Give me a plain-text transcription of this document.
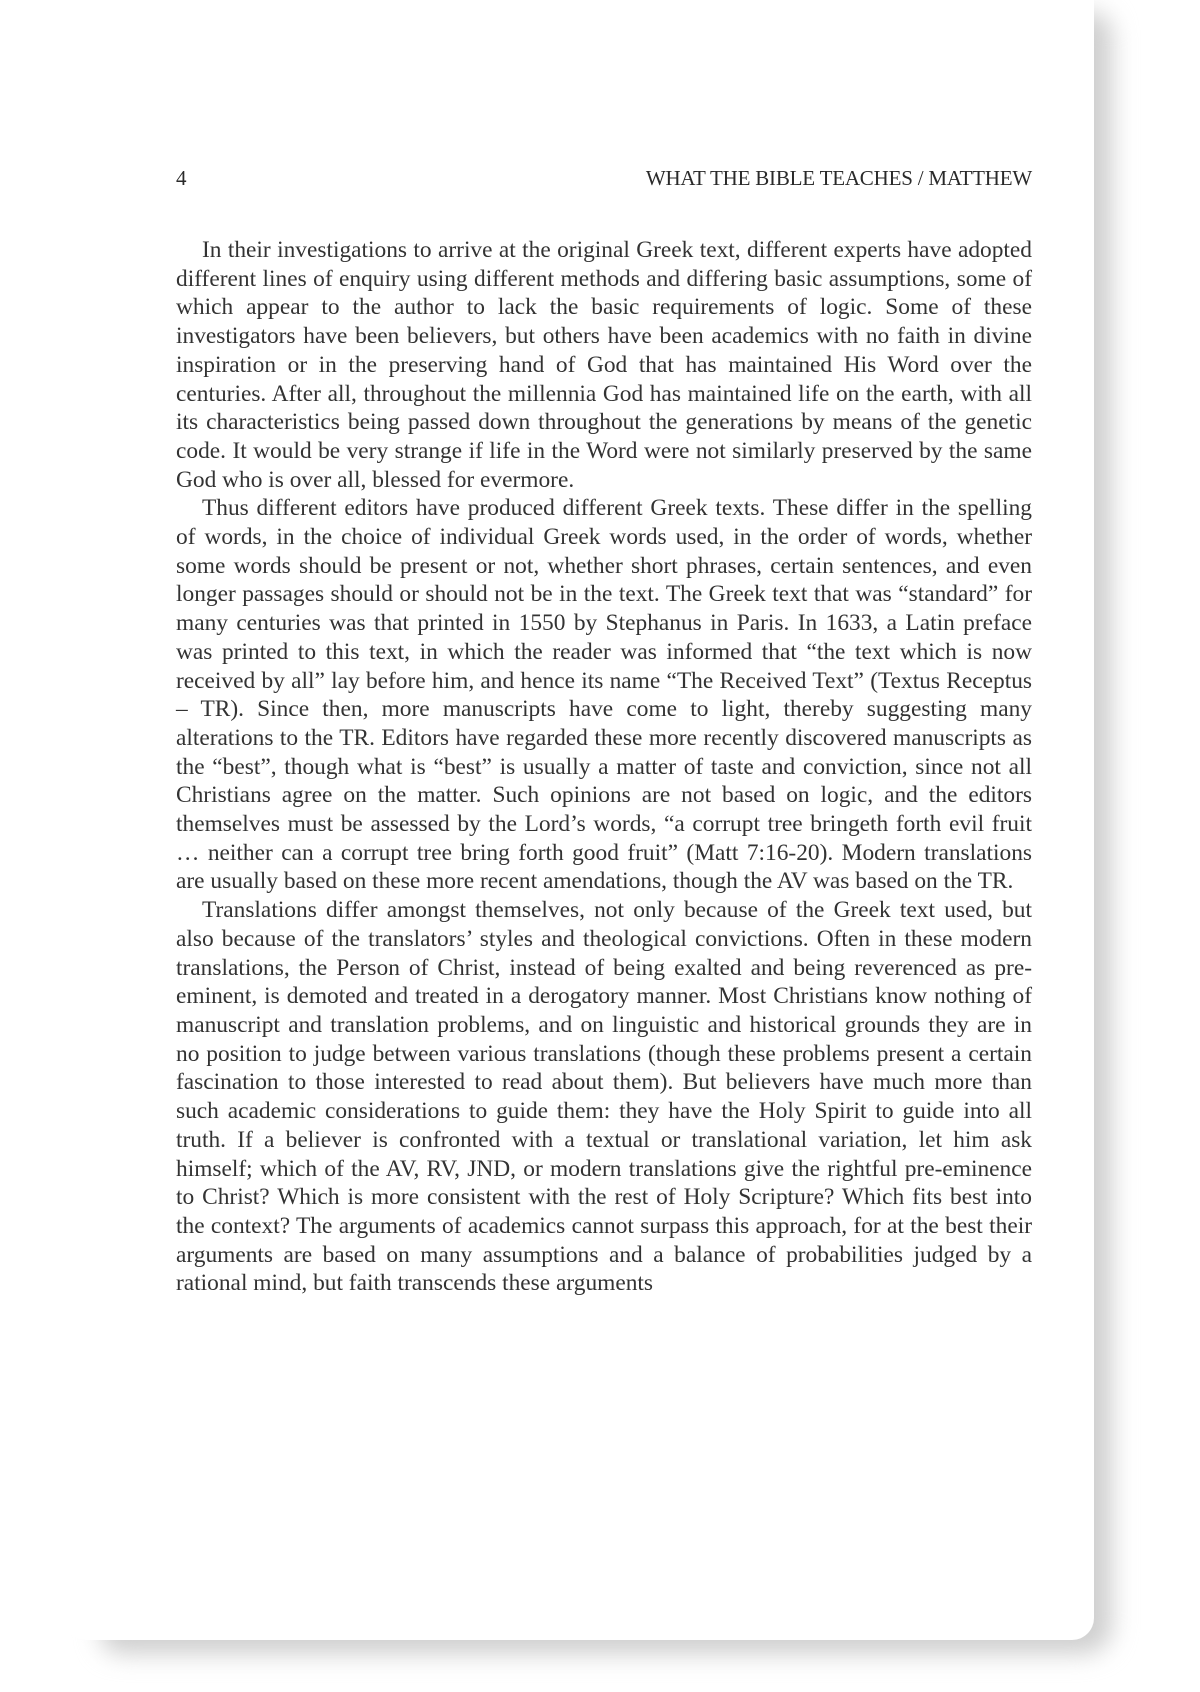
4	WHAT THE BIBLE TEACHES / MATTHEW

In their investigations to arrive at the original Greek text, different experts have adopted different lines of enquiry using different methods and differing basic assumptions, some of which appear to the author to lack the basic requirements of logic. Some of these investigators have been believers, but others have been academics with no faith in divine inspiration or in the preserving hand of God that has maintained His Word over the centuries. After all, throughout the millennia God has maintained life on the earth, with all its characteristics being passed down throughout the generations by means of the genetic code. It would be very strange if life in the Word were not similarly preserved by the same God who is over all, blessed for evermore.

Thus different editors have produced different Greek texts. These differ in the spelling of words, in the choice of individual Greek words used, in the order of words, whether some words should be present or not, whether short phrases, certain sentences, and even longer passages should or should not be in the text. The Greek text that was “standard” for many centuries was that printed in 1550 by Stephanus in Paris. In 1633, a Latin preface was printed to this text, in which the reader was informed that “the text which is now received by all” lay before him, and hence its name “The Received Text” (Textus Receptus – TR). Since then, more manuscripts have come to light, thereby suggesting many alterations to the TR. Editors have regarded these more recently discovered manuscripts as the “best”, though what is “best” is usually a matter of taste and conviction, since not all Christians agree on the matter. Such opinions are not based on logic, and the editors themselves must be assessed by the Lord’s words, “a corrupt tree bringeth forth evil fruit … neither can a corrupt tree bring forth good fruit” (Matt 7:16-20). Modern translations are usually based on these more recent amendations, though the AV was based on the TR.

Translations differ amongst themselves, not only because of the Greek text used, but also because of the translators’ styles and theological convictions. Often in these modern translations, the Person of Christ, instead of being exalted and being reverenced as pre-eminent, is demoted and treated in a derogatory manner. Most Christians know nothing of manuscript and translation problems, and on linguistic and historical grounds they are in no position to judge between various translations (though these problems present a certain fascination to those interested to read about them). But believers have much more than such academic considerations to guide them: they have the Holy Spirit to guide into all truth. If a believer is confronted with a textual or translational variation, let him ask himself; which of the AV, RV, JND, or modern translations give the rightful pre-eminence to Christ? Which is more consistent with the rest of Holy Scripture? Which fits best into the context? The arguments of academics cannot surpass this approach, for at the best their arguments are based on many assumptions and a balance of probabilities judged by a rational mind, but faith transcends these arguments
